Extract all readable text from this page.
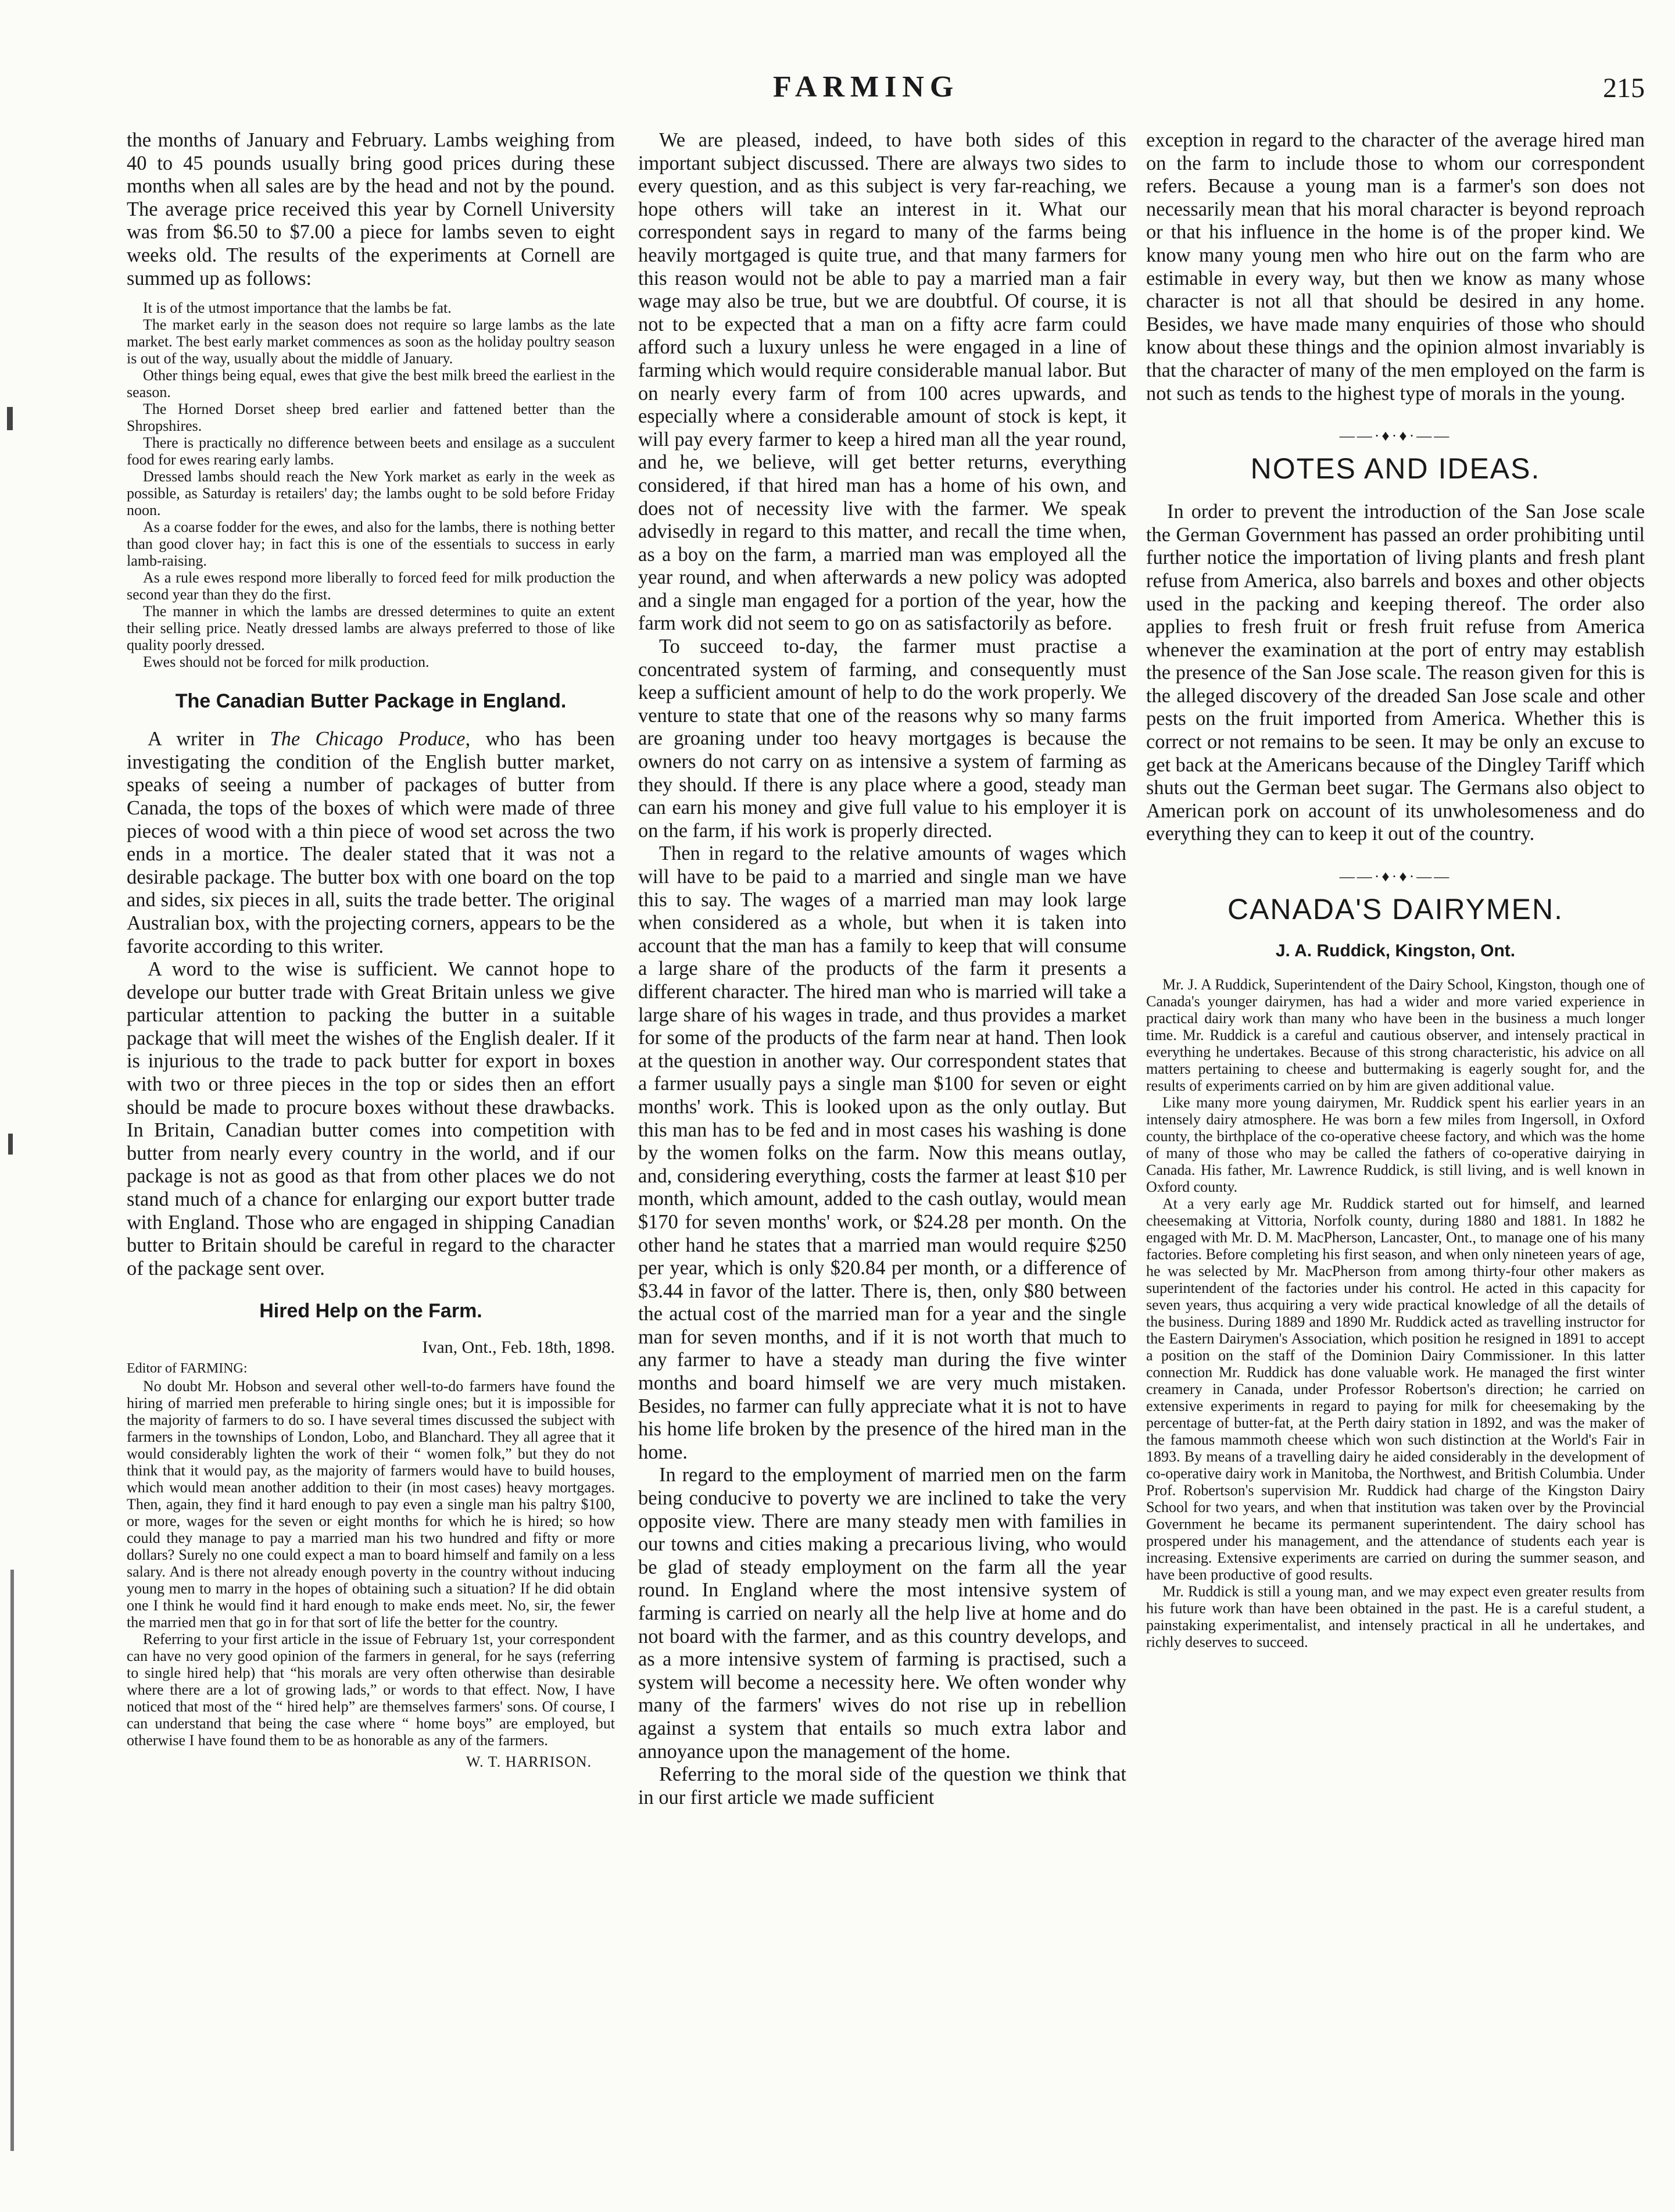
FARMING	215

the months of January and February. Lambs weighing from 40 to 45 pounds usually bring good prices during these months when all sales are by the head and not by the pound. The average price received this year by Cornell University was from $6.50 to $7.00 a piece for lambs seven to eight weeks old. The results of the experiments at Cornell are summed up as follows:

It is of the utmost importance that the lambs be fat.

The market early in the season does not require so large lambs as the late market. The best early market commences as soon as the holiday poultry season is out of the way, usually about the middle of January.

Other things being equal, ewes that give the best milk breed the earliest in the season.

The Horned Dorset sheep bred earlier and fattened better than the Shropshires.

There is practically no difference between beets and ensilage as a succulent food for ewes rearing early lambs.

Dressed lambs should reach the New York market as early in the week as possible, as Saturday is retailers' day; the lambs ought to be sold before Friday noon.

As a coarse fodder for the ewes, and also for the lambs, there is nothing better than good clover hay; in fact this is one of the essentials to success in early lamb-raising.

As a rule ewes respond more liberally to forced feed for milk production the second year than they do the first.

The manner in which the lambs are dressed determines to quite an extent their selling price. Neatly dressed lambs are always preferred to those of like quality poorly dressed.

Ewes should not be forced for milk production.

The Canadian Butter Package in England.

A writer in The Chicago Produce, who has been investigating the condition of the English butter market, speaks of seeing a number of packages of butter from Canada, the tops of the boxes of which were made of three pieces of wood with a thin piece of wood set across the two ends in a mortice. The dealer stated that it was not a desirable package. The butter box with one board on the top and sides, six pieces in all, suits the trade better. The original Australian box, with the projecting corners, appears to be the favorite according to this writer.

A word to the wise is sufficient. We cannot hope to develope our butter trade with Great Britain unless we give particular attention to packing the butter in a suitable package that will meet the wishes of the English dealer. If it is injurious to the trade to pack butter for export in boxes with two or three pieces in the top or sides then an effort should be made to procure boxes without these drawbacks. In Britain, Canadian butter comes into competition with butter from nearly every country in the world, and if our package is not as good as that from other places we do not stand much of a chance for enlarging our export butter trade with England. Those who are engaged in shipping Canadian butter to Britain should be careful in regard to the character of the package sent over.

Hired Help on the Farm.
Ivan, Ont., Feb. 18th, 1898.
Editor of FARMING:

No doubt Mr. Hobson and several other well-to-do farmers have found the hiring of married men preferable to hiring single ones; but it is impossible for the majority of farmers to do so. I have several times discussed the subject with farmers in the townships of London, Lobo, and Blanchard. They all agree that it would considerably lighten the work of their “ women folk,” but they do not think that it would pay, as the majority of farmers would have to build houses, which would mean another addition to their (in most cases) heavy mortgages. Then, again, they find it hard enough to pay even a single man his paltry $100, or more, wages for the seven or eight months for which he is hired; so how could they manage to pay a married man his two hundred and fifty or more dollars? Surely no one could expect a man to board himself and family on a less salary. And is there not already enough poverty in the country without inducing young men to marry in the hopes of obtaining such a situation? If he did obtain one I think he would find it hard enough to make ends meet. No, sir, the fewer the married men that go in for that sort of life the better for the country.

Referring to your first article in the issue of February 1st, your correspondent can have no very good opinion of the farmers in general, for he says (referring to single hired help) that “his morals are very often otherwise than desirable where there are a lot of growing lads,” or words to that effect. Now, I have noticed that most of the “ hired help” are themselves farmers' sons. Of course, I can understand that being the case where “ home boys” are employed, but otherwise I have found them to be as honorable as any of the farmers.

W. T. HARRISON.

We are pleased, indeed, to have both sides of this important subject discussed. There are always two sides to every question, and as this subject is very far-reaching, we hope others will take an interest in it. What our correspondent says in regard to many of the farms being heavily mortgaged is quite true, and that many farmers for this reason would not be able to pay a married man a fair wage may also be true, but we are doubtful. Of course, it is not to be expected that a man on a fifty acre farm could afford such a luxury unless he were engaged in a line of farming which would require considerable manual labor. But on nearly every farm of from 100 acres upwards, and especially where a considerable amount of stock is kept, it will pay every farmer to keep a hired man all the year round, and he, we believe, will get better returns, everything considered, if that hired man has a home of his own, and does not of necessity live with the farmer. We speak advisedly in regard to this matter, and recall the time when, as a boy on the farm, a married man was employed all the year round, and when afterwards a new policy was adopted and a single man engaged for a portion of the year, how the farm work did not seem to go on as satisfactorily as before.

To succeed to-day, the farmer must practise a concentrated system of farming, and consequently must keep a sufficient amount of help to do the work properly. We venture to state that one of the reasons why so many farms are groaning under too heavy mortgages is because the owners do not carry on as intensive a system of farming as they should. If there is any place where a good, steady man can earn his money and give full value to his employer it is on the farm, if his work is properly directed.

Then in regard to the relative amounts of wages which will have to be paid to a married and single man we have this to say. The wages of a married man may look large when considered as a whole, but when it is taken into account that the man has a family to keep that will consume a large share of the products of the farm it presents a different character. The hired man who is married will take a large share of his wages in trade, and thus provides a market for some of the products of the farm near at hand. Then look at the question in another way. Our correspondent states that a farmer usually pays a single man $100 for seven or eight months' work. This is looked upon as the only outlay. But this man has to be fed and in most cases his washing is done by the women folks on the farm. Now this means outlay, and, considering everything, costs the farmer at least $10 per month, which amount, added to the cash outlay, would mean $170 for seven months' work, or $24.28 per month. On the other hand he states that a married man would require $250 per year, which is only $20.84 per month, or a difference of $3.44 in favor of the latter. There is, then, only $80 between the actual cost of the married man for a year and the single man for seven months, and if it is not worth that much to any farmer to have a steady man during the five winter months and board himself we are very much mistaken. Besides, no farmer can fully appreciate what it is not to have his home life broken by the presence of the hired man in the home.

In regard to the employment of married men on the farm being conducive to poverty we are inclined to take the very opposite view. There are many steady men with families in our towns and cities making a precarious living, who would be glad of steady employment on the farm all the year round. In England where the most intensive system of farming is carried on nearly all the help live at home and do not board with the farmer, and as this country develops, and as a more intensive system of farming is practised, such a system will become a necessity here. We often wonder why many of the farmers' wives do not rise up in rebellion against a system that entails so much extra labor and annoyance upon the management of the home.

Referring to the moral side of the question we think that in our first article we made sufficient

exception in regard to the character of the average hired man on the farm to include those to whom our correspondent refers. Because a young man is a farmer's son does not necessarily mean that his moral character is beyond reproach or that his influence in the home is of the proper kind. We know many young men who hire out on the farm who are estimable in every way, but then we know as many whose character is not all that should be desired in any home. Besides, we have made many enquiries of those who should know about these things and the opinion almost invariably is that the character of many of the men employed on the farm is not such as tends to the highest type of morals in the young.

——·♦·♦·——
NOTES AND IDEAS.

In order to prevent the introduction of the San Jose scale the German Government has passed an order prohibiting until further notice the importation of living plants and fresh plant refuse from America, also barrels and boxes and other objects used in the packing and keeping thereof. The order also applies to fresh fruit or fresh fruit refuse from America whenever the examination at the port of entry may establish the presence of the San Jose scale. The reason given for this is the alleged discovery of the dreaded San Jose scale and other pests on the fruit imported from America. Whether this is correct or not remains to be seen. It may be only an excuse to get back at the Americans because of the Dingley Tariff which shuts out the German beet sugar. The Germans also object to American pork on account of its unwholesomeness and do everything they can to keep it out of the country.

——·♦·♦·——
CANADA'S DAIRYMEN.
J. A. Ruddick, Kingston, Ont.

Mr. J. A Ruddick, Superintendent of the Dairy School, Kingston, though one of Canada's younger dairymen, has had a wider and more varied experience in practical dairy work than many who have been in the business a much longer time. Mr. Ruddick is a careful and cautious observer, and intensely practical in everything he undertakes. Because of this strong characteristic, his advice on all matters pertaining to cheese and buttermaking is eagerly sought for, and the results of experiments carried on by him are given additional value.

Like many more young dairymen, Mr. Ruddick spent his earlier years in an intensely dairy atmosphere. He was born a few miles from Ingersoll, in Oxford county, the birthplace of the co-operative cheese factory, and which was the home of many of those who may be called the fathers of co-operative dairying in Canada. His father, Mr. Lawrence Ruddick, is still living, and is well known in Oxford county.

At a very early age Mr. Ruddick started out for himself, and learned cheesemaking at Vittoria, Norfolk county, during 1880 and 1881. In 1882 he engaged with Mr. D. M. MacPherson, Lancaster, Ont., to manage one of his many factories. Before completing his first season, and when only nineteen years of age, he was selected by Mr. MacPherson from among thirty-four other makers as superintendent of the factories under his control. He acted in this capacity for seven years, thus acquiring a very wide practical knowledge of all the details of the business. During 1889 and 1890 Mr. Ruddick acted as travelling instructor for the Eastern Dairymen's Association, which position he resigned in 1891 to accept a position on the staff of the Dominion Dairy Commissioner. In this latter connection Mr. Ruddick has done valuable work. He managed the first winter creamery in Canada, under Professor Robertson's direction; he carried on extensive experiments in regard to paying for milk for cheesemaking by the percentage of butter-fat, at the Perth dairy station in 1892, and was the maker of the famous mammoth cheese which won such distinction at the World's Fair in 1893. By means of a travelling dairy he aided considerably in the development of co-operative dairy work in Manitoba, the Northwest, and British Columbia. Under Prof. Robertson's supervision Mr. Ruddick had charge of the Kingston Dairy School for two years, and when that institution was taken over by the Provincial Government he became its permanent superintendent. The dairy school has prospered under his management, and the attendance of students each year is increasing. Extensive experiments are carried on during the summer season, and have been productive of good results.

Mr. Ruddick is still a young man, and we may expect even greater results from his future work than have been obtained in the past. He is a careful student, a painstaking experimentalist, and intensely practical in all he undertakes, and richly deserves to succeed.
